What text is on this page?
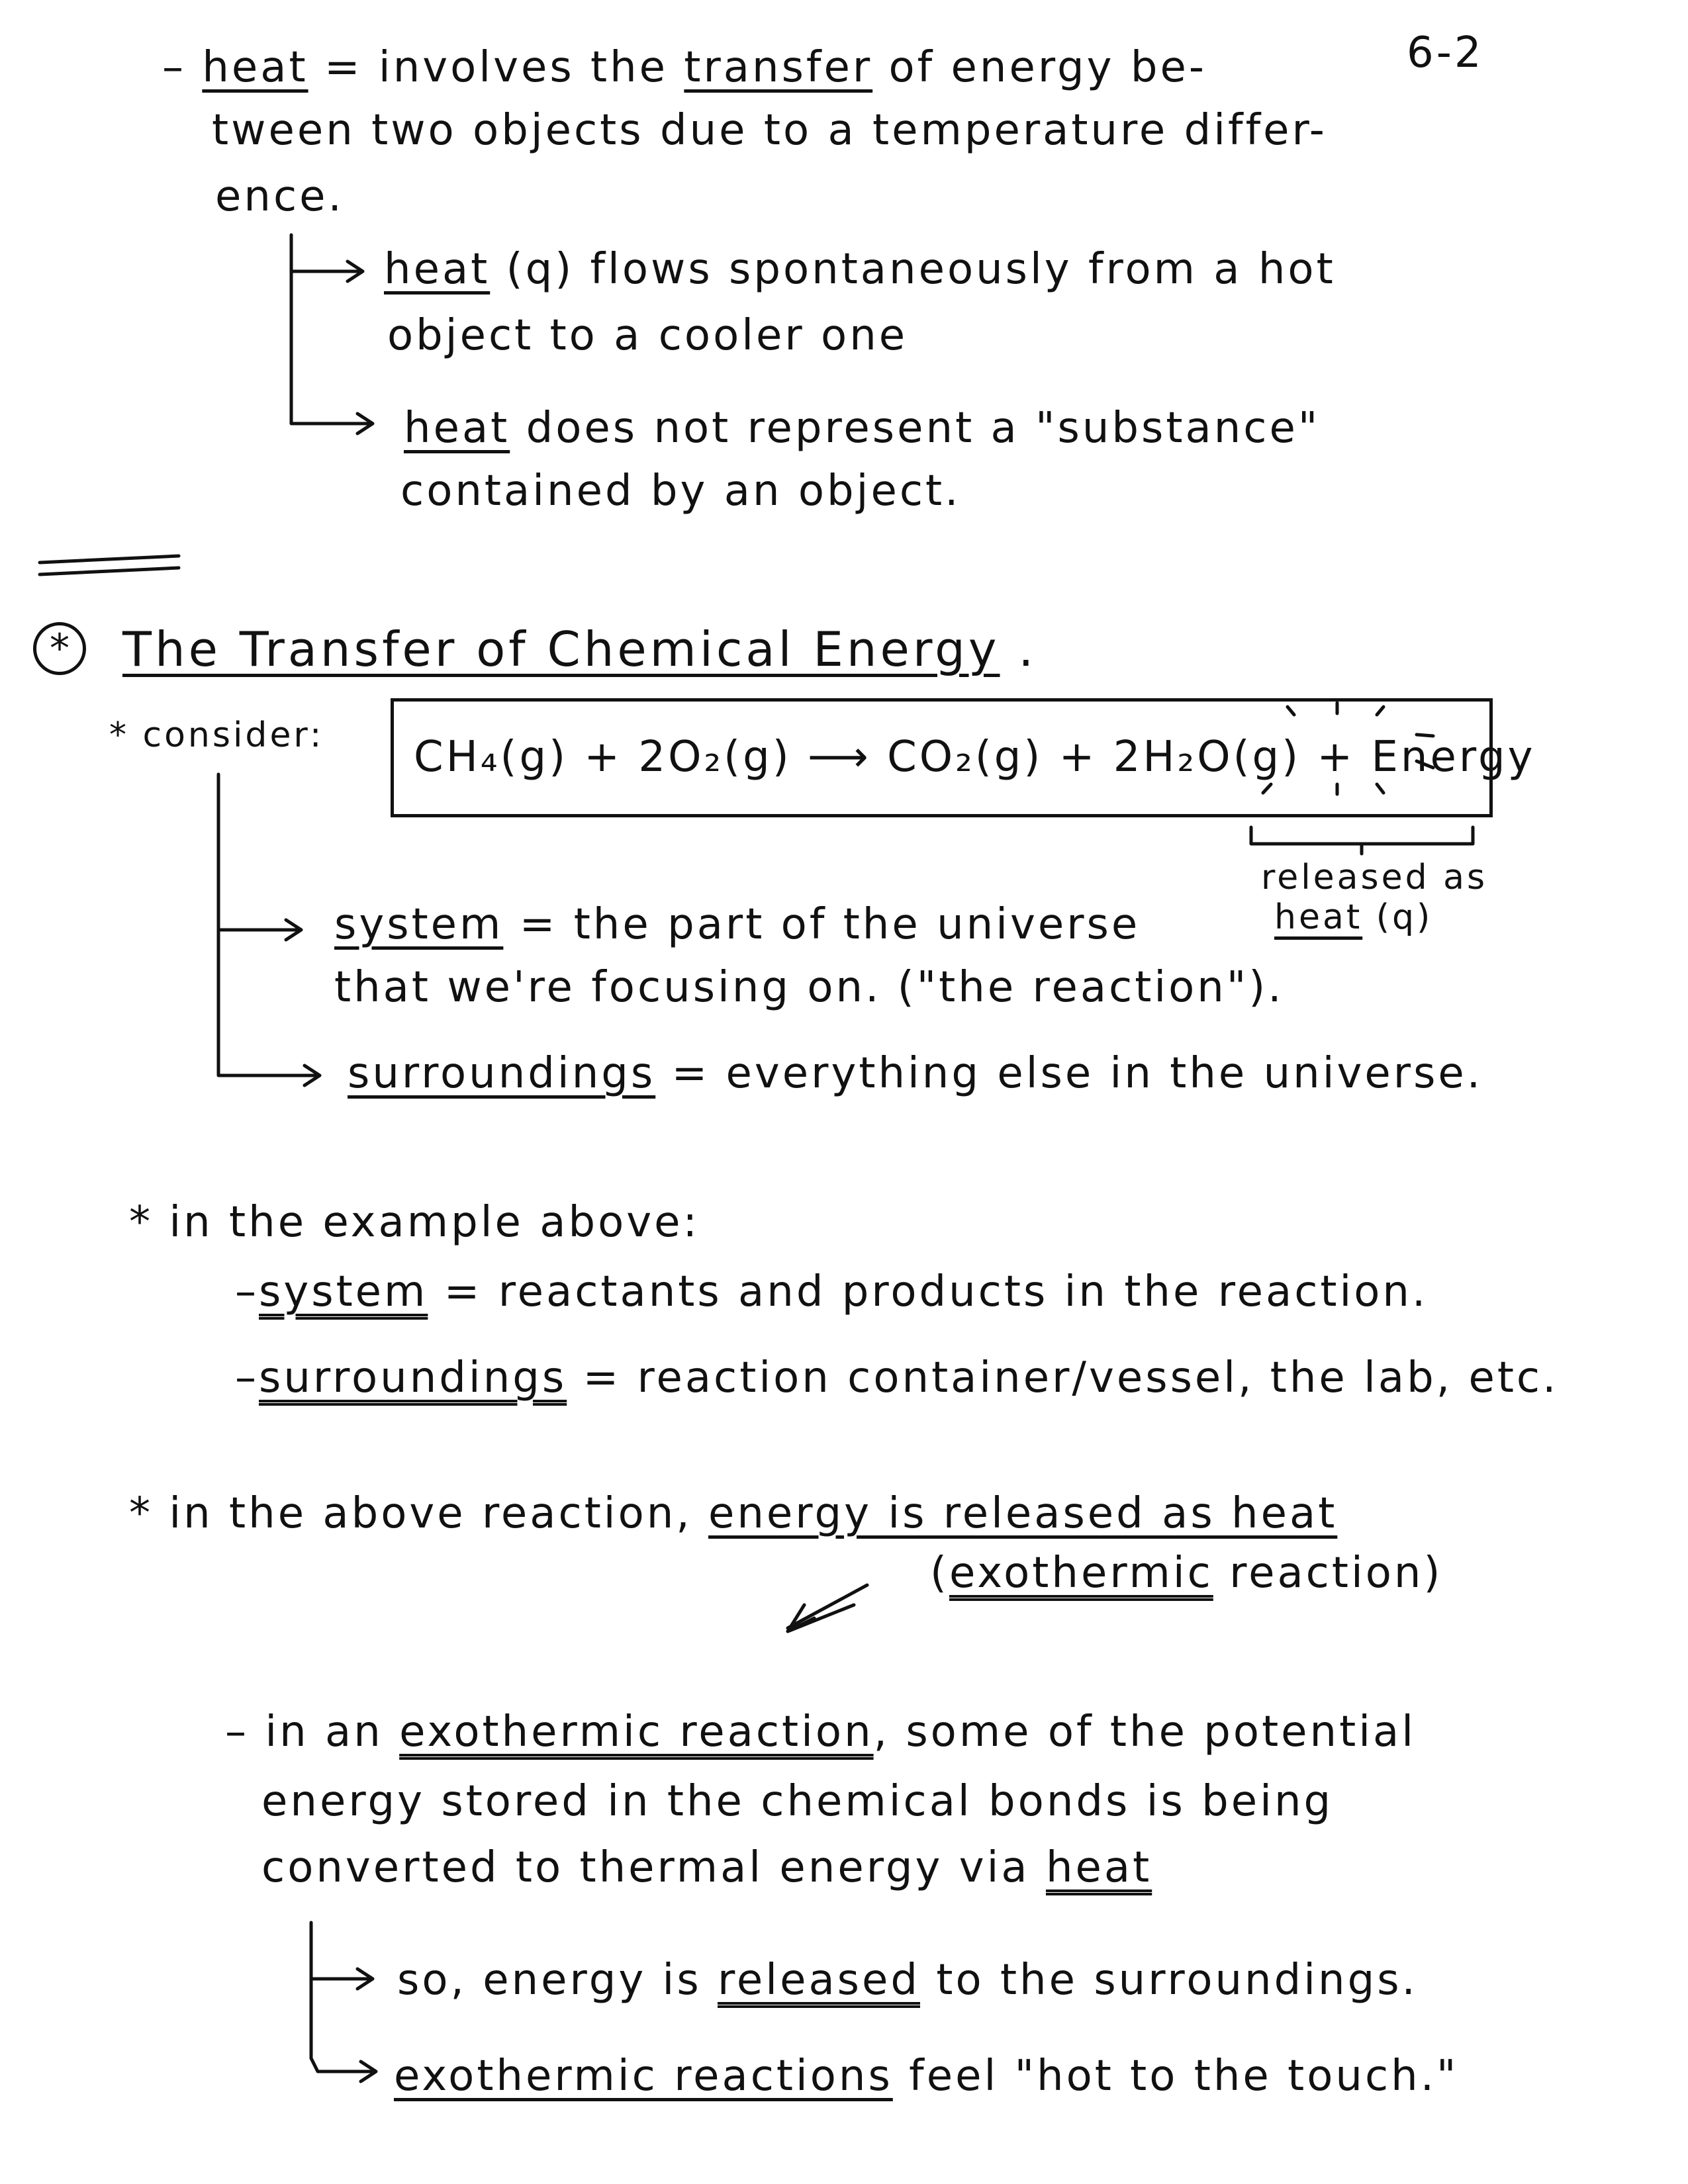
6-2
– heat = involves the transfer of energy be-
tween two objects due to a temperature differ-
ence.
heat (q) flows spontaneously from a hot
object to a cooler one
heat does not represent a "substance"
contained by an object.
*	The Transfer of Chemical Energy .
* consider: CH₄(g) + 2O₂(g) ⟶ CO₂(g) + 2H₂O(g) + Energy
released as
heat (q)
system = the part of the universe
that we're focusing on. ("the reaction").
surroundings = everything else in the universe.
* in the example above:
–system = reactants and products in the reaction.
–surroundings = reaction container/vessel, the lab, etc.
* in the above reaction, energy is released as heat
(exothermic reaction)
– in an exothermic reaction, some of the potential
energy stored in the chemical bonds is being
converted to thermal energy via heat
so, energy is released to the surroundings.
exothermic reactions feel "hot to the touch."
